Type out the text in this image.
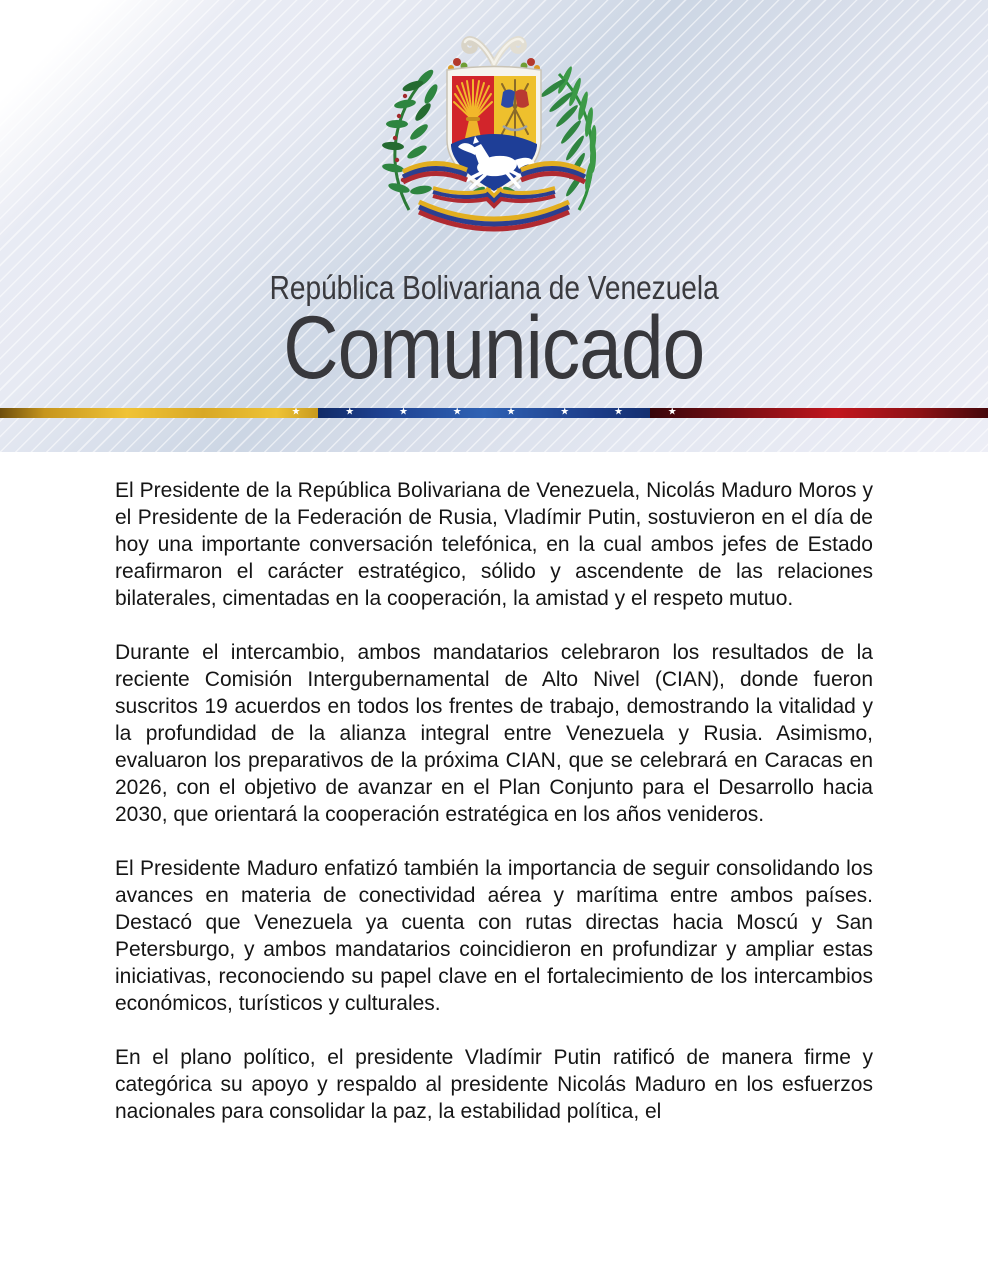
República Bolivariana de Venezuela
Comunicado
★ ★ ★ ★ ★ ★ ★ ★

El Presidente de la República Bolivariana de Venezuela, Nicolás Maduro Moros y el Presidente de la Federación de Rusia, Vladímir Putin, sostuvieron en el día de hoy una importante conversación telefónica, en la cual ambos jefes de Estado reafirmaron el carácter estratégico, sólido y ascendente de las relaciones bilaterales, cimentadas en la cooperación, la amistad y el respeto mutuo.

Durante el intercambio, ambos mandatarios celebraron los resultados de la reciente Comisión Intergubernamental de Alto Nivel (CIAN), donde fueron suscritos 19 acuerdos en todos los frentes de trabajo, demostrando la vitalidad y la profundidad de la alianza integral entre Venezuela y Rusia. Asimismo, evaluaron los preparativos de la próxima CIAN, que se celebrará en Caracas en 2026, con el objetivo de avanzar en el Plan Conjunto para el Desarrollo hacia 2030, que orientará la cooperación estratégica en los años venideros.

El Presidente Maduro enfatizó también la importancia de seguir consolidando los avances en materia de conectividad aérea y marítima entre ambos países. Destacó que Venezuela ya cuenta con rutas directas hacia Moscú y San Petersburgo, y ambos mandatarios coincidieron en profundizar y ampliar estas iniciativas, reconociendo su papel clave en el fortalecimiento de los intercambios económicos, turísticos y culturales.

En el plano político, el presidente Vladímir Putin ratificó de manera firme y categórica su apoyo y respaldo al presidente Nicolás Maduro en los esfuerzos nacionales para consolidar la paz, la estabilidad política, el
